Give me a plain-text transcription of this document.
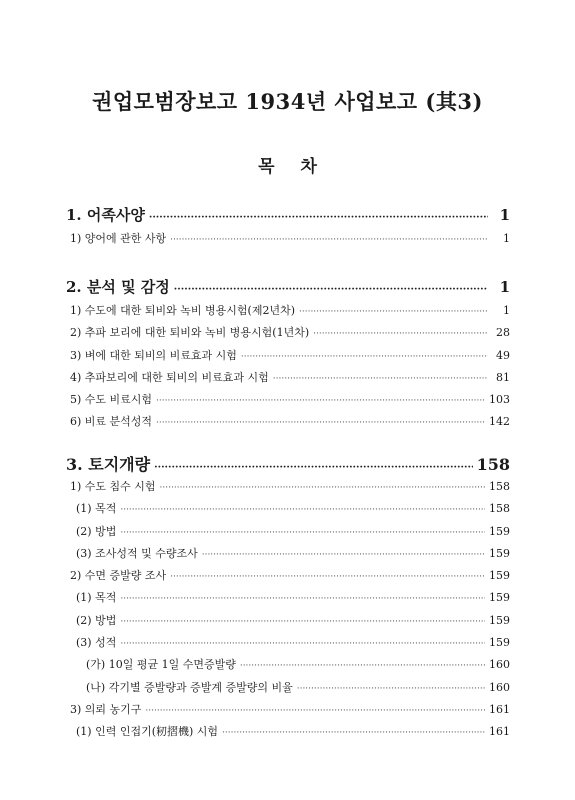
권업모범장보고 1934년 사업보고 (其3)
목 차
1. 어족사양 ·····	1
1) 양어에 관한 사항 ·····	1
2. 분석 및 감정 ·····	1
1) 수도에 대한 퇴비와 녹비 병용시험(제2년차) ·····	1
2) 추파 보리에 대한 퇴비와 녹비 병용시험(1년차) ·····	28
3) 벼에 대한 퇴비의 비료효과 시험 ·····	49
4) 추파보리에 대한 퇴비의 비료효과 시험 ·····	81
5) 수도 비료시험 ·····	103
6) 비료 분석성적 ·····	142
3. 토지개량 ·····	158
1) 수도 침수 시험 ·····	158
(1) 목적 ·····	158
(2) 방법 ·····	159
(3) 조사성적 및 수량조사 ·····	159
2) 수면 증발량 조사 ·····	159
(1) 목적 ·····	159
(2) 방법 ·····	159
(3) 성적 ·····	159
(가) 10일 평균 1일 수면증발량 ·····	160
(나) 각기별 증발량과 증발계 증발량의 비율 ·····	160
3) 의뢰 농기구 ·····	161
(1) 인력 인접기(籾摺機) 시험 ·····	161
